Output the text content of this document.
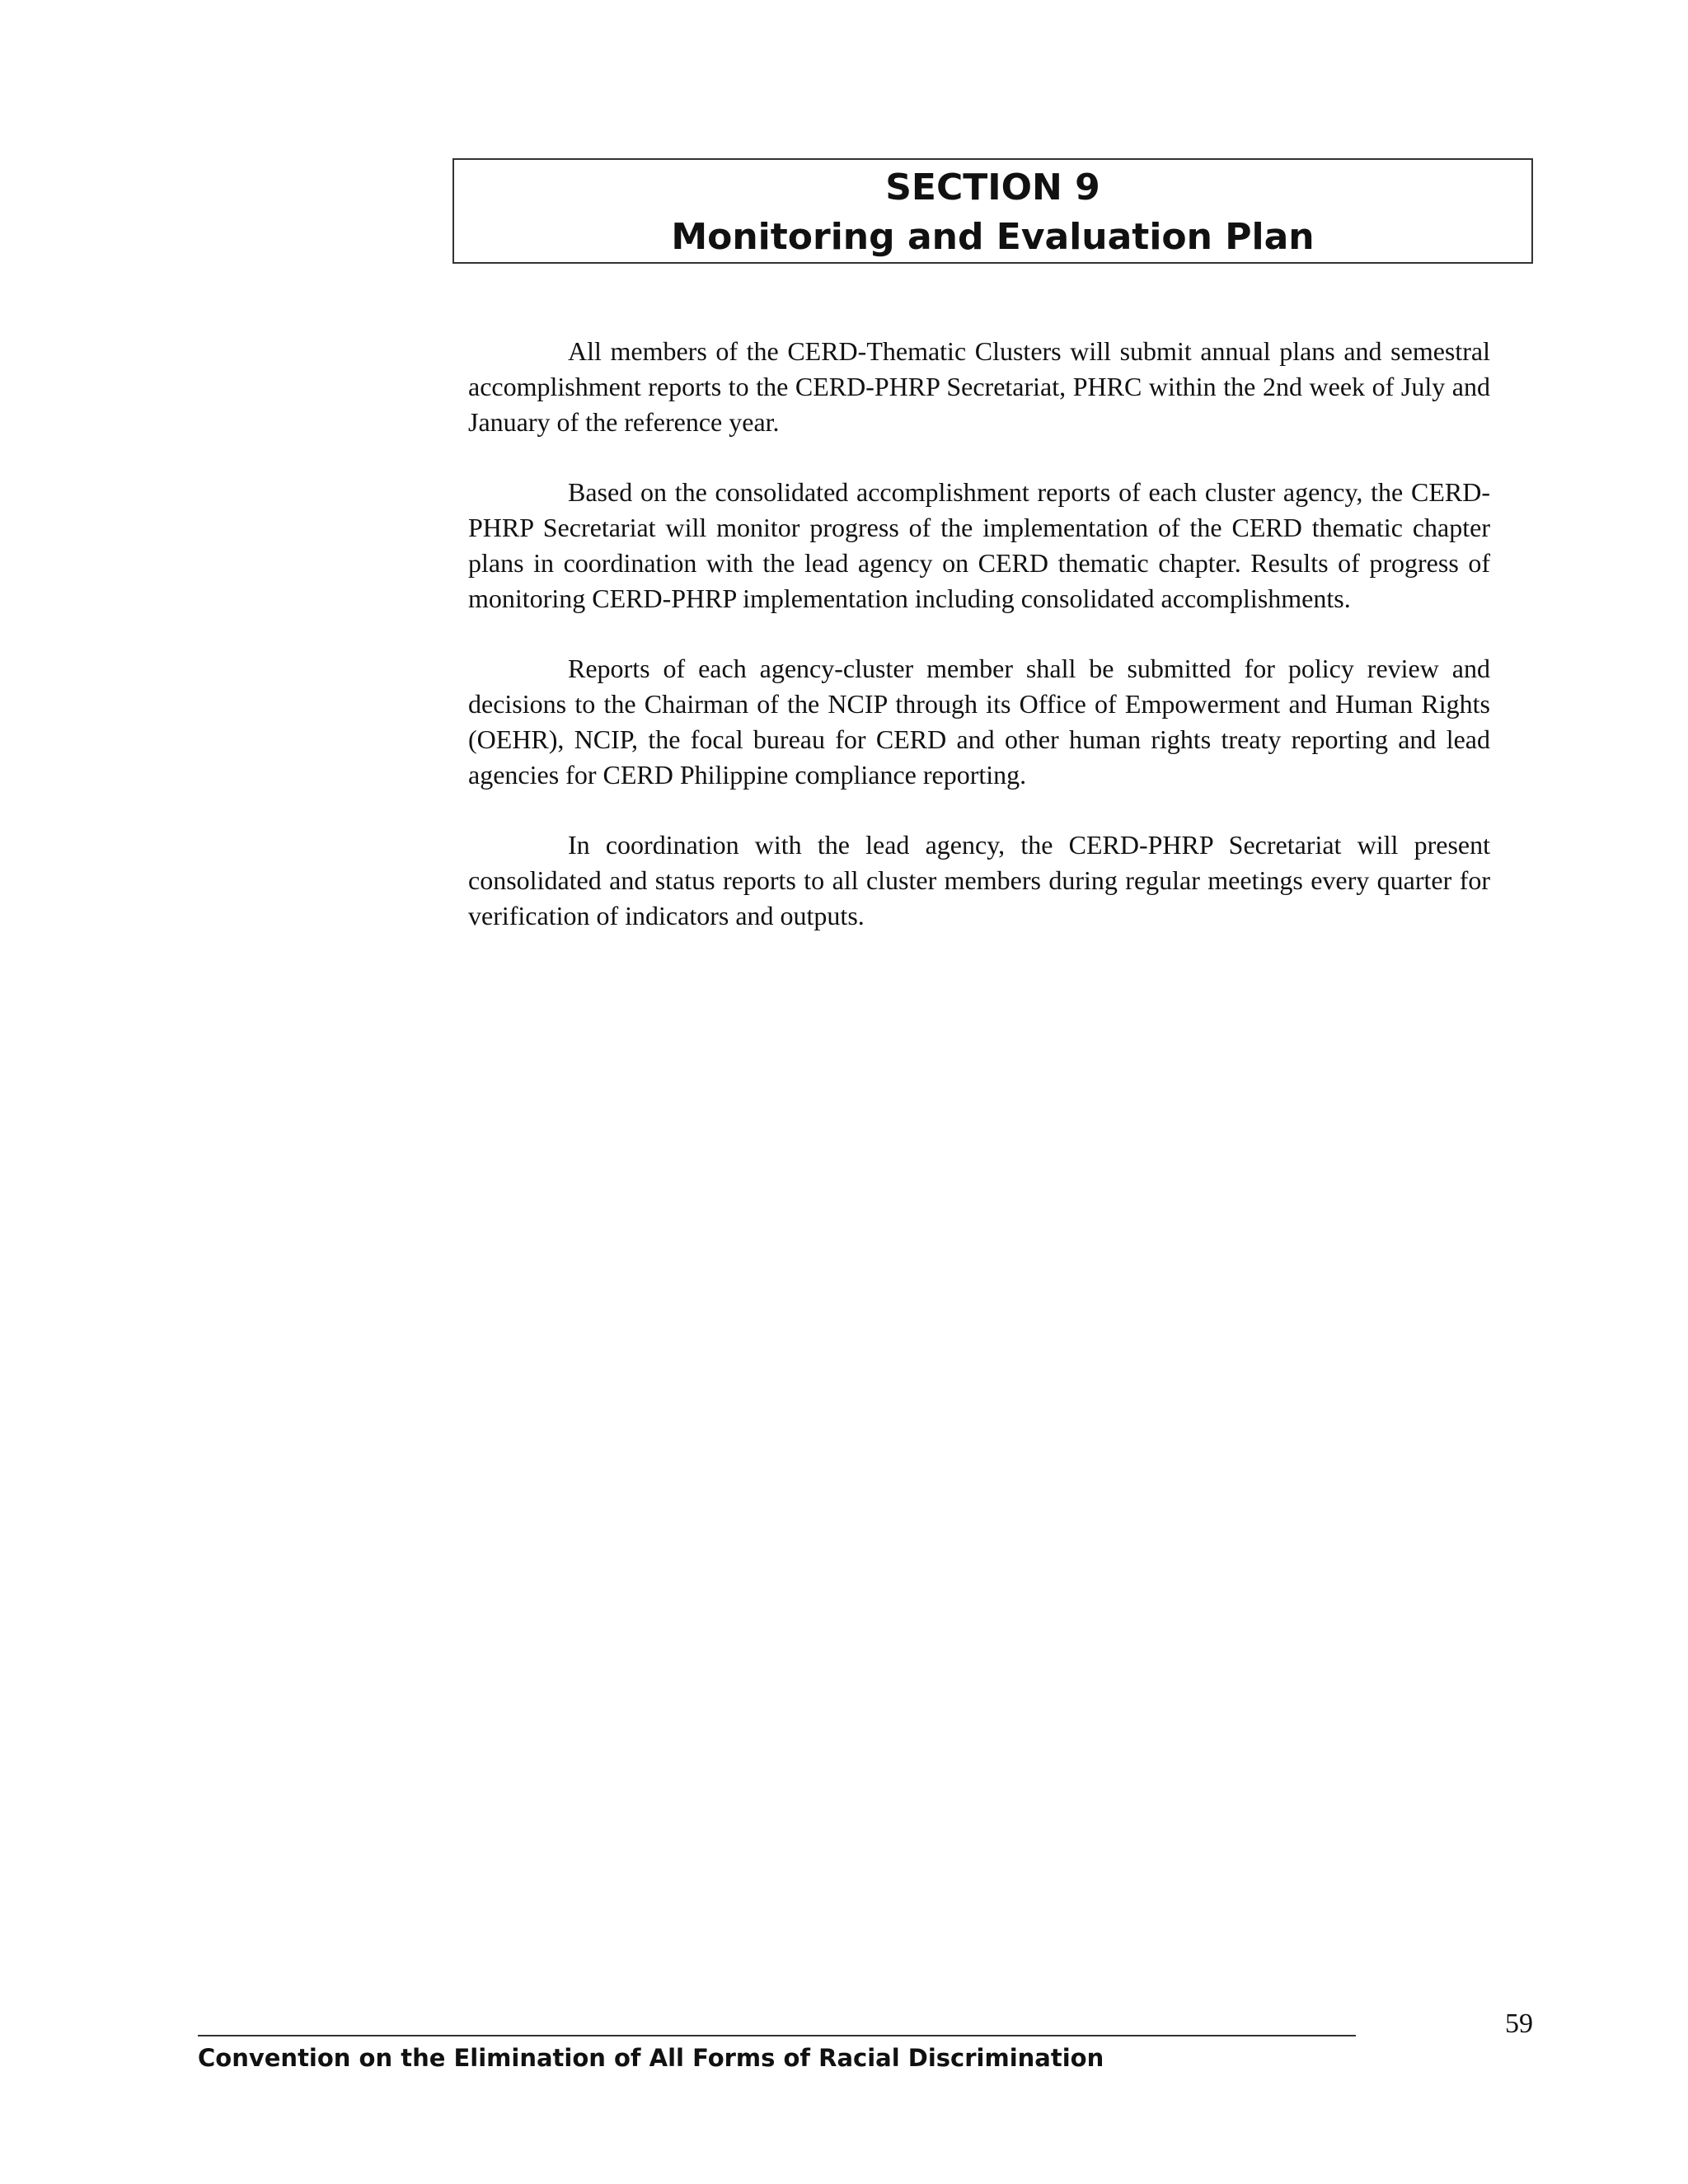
SECTION 9
Monitoring and Evaluation Plan

All members of the CERD-Thematic Clusters will submit annual plans and semestral accomplishment reports to the CERD-PHRP Secretariat, PHRC within the 2nd week of July and January of the reference year.

Based on the consolidated accomplishment reports of each cluster agency, the CERD-PHRP Secretariat will monitor progress of the implementation of the CERD thematic chapter plans in coordination with the lead agency on CERD thematic chapter. Results of progress of monitoring CERD-PHRP implementation including consolidated accomplishments.

Reports of each agency-cluster member shall be submitted for policy review and decisions to the Chairman of the NCIP through its Office of Empowerment and Human Rights (OEHR), NCIP, the focal bureau for CERD and other human rights treaty reporting and lead agencies for CERD Philippine compliance reporting.

In coordination with the lead agency, the CERD-PHRP Secretariat will present consolidated and status reports to all cluster members during regular meetings every quarter for verification of indicators and outputs.

59
Convention on the Elimination of All Forms of Racial Discrimination
